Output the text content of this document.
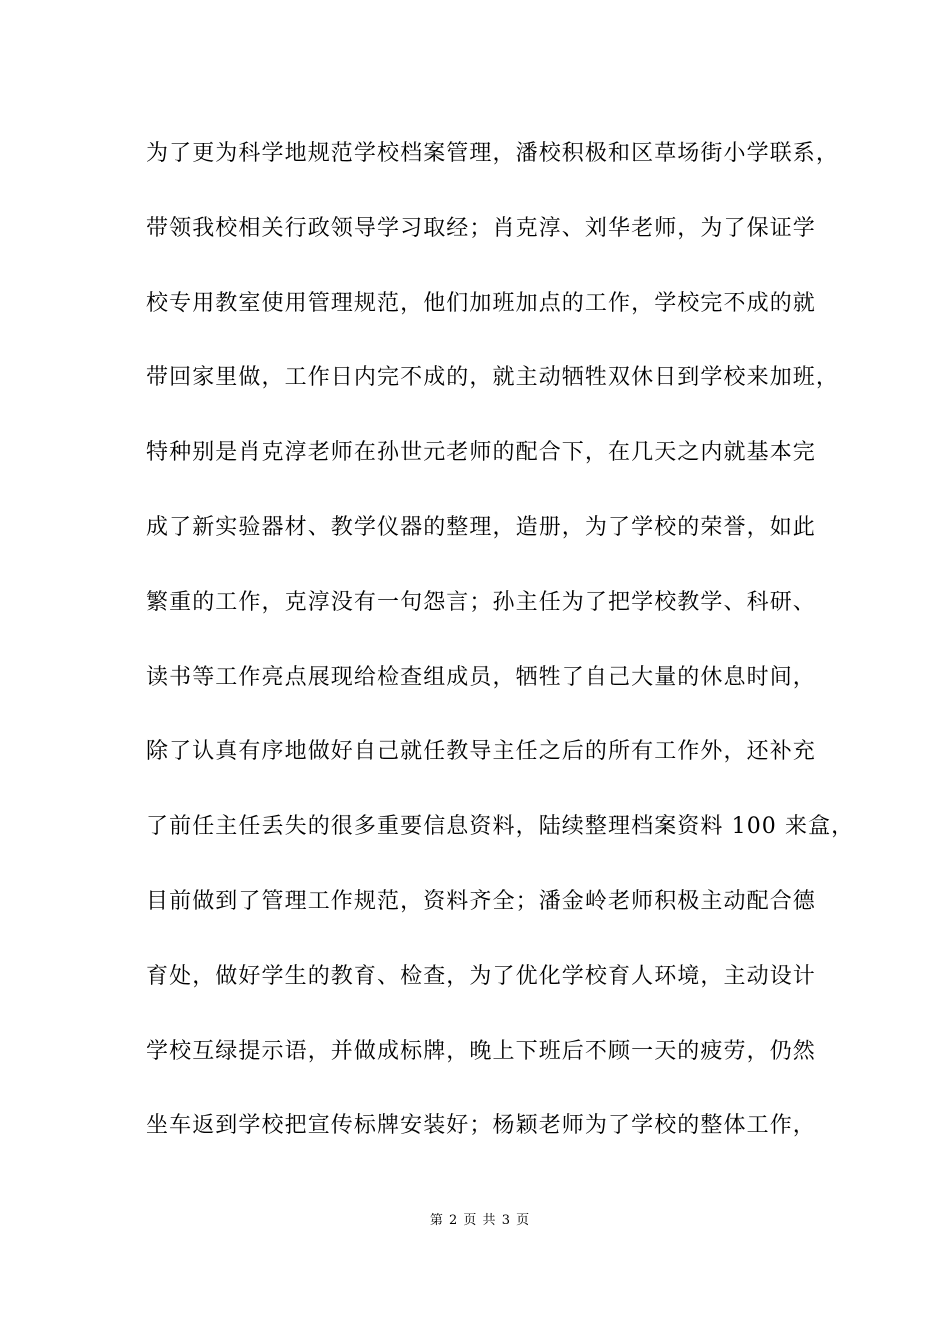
为了更为科学地规范学校档案管理，潘校积极和区草场街小学联系，
带领我校相关行政领导学习取经；肖克淳、刘华老师，为了保证学
校专用教室使用管理规范，他们加班加点的工作，学校完不成的就
带回家里做，工作日内完不成的，就主动牺牲双休日到学校来加班，
特种别是肖克淳老师在孙世元老师的配合下，在几天之内就基本完
成了新实验器材、教学仪器的整理，造册，为了学校的荣誉，如此
繁重的工作，克淳没有一句怨言；孙主任为了把学校教学、科研、
读书等工作亮点展现给检查组成员，牺牲了自己大量的休息时间，
除了认真有序地做好自己就任教导主任之后的所有工作外，还补充
了前任主任丢失的很多重要信息资料，陆续整理档案资料 100 来盒，
目前做到了管理工作规范，资料齐全；潘金岭老师积极主动配合德
育处，做好学生的教育、检查，为了优化学校育人环境，主动设计
学校互绿提示语，并做成标牌，晚上下班后不顾一天的疲劳，仍然
坐车返到学校把宣传标牌安装好；杨颖老师为了学校的整体工作，
第 2 页 共 3 页
